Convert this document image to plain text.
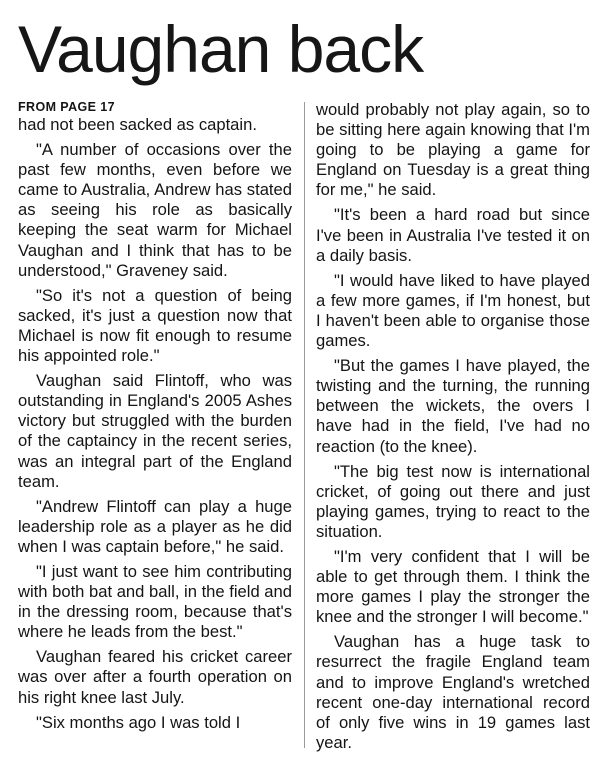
Vaughan back
FROM PAGE 17

had not been sacked as captain.

"A number of occasions over the past few months, even before we came to Australia, Andrew has stated as seeing his role as basically keeping the seat warm for Michael Vaughan and I think that has to be understood," Graveney said.

"So it's not a question of being sacked, it's just a question now that Michael is now fit enough to resume his appointed role."

Vaughan said Flintoff, who was outstanding in England's 2005 Ashes victory but struggled with the burden of the captaincy in the recent series, was an integral part of the England team.

"Andrew Flintoff can play a huge leadership role as a player as he did when I was captain before," he said.

"I just want to see him contributing with both bat and ball, in the field and in the dressing room, because that's where he leads from the best."

Vaughan feared his cricket career was over after a fourth operation on his right knee last July.

"Six months ago I was told I

would probably not play again, so to be sitting here again knowing that I'm going to be playing a game for England on Tuesday is a great thing for me," he said.

"It's been a hard road but since I've been in Australia I've tested it on a daily basis.

"I would have liked to have played a few more games, if I'm honest, but I haven't been able to organise those games.

"But the games I have played, the twisting and the turning, the running between the wickets, the overs I have had in the field, I've had no reaction (to the knee).

"The big test now is international cricket, of going out there and just playing games, trying to react to the situation.

"I'm very confident that I will be able to get through them. I think the more games I play the stronger the knee and the stronger I will become."

Vaughan has a huge task to resurrect the fragile England team and to improve England's wretched recent one-day international record of only five wins in 19 games last year.
